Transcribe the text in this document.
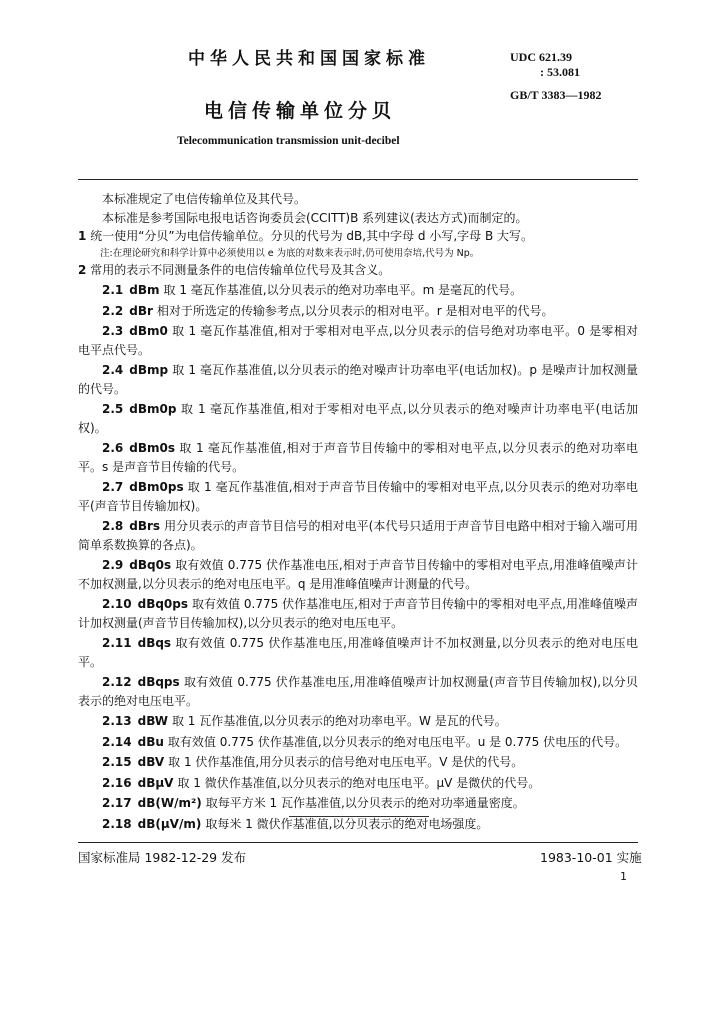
中华人民共和国国家标准	UDC 621.39
: 53.081
GB/T 3383—1982
电信传输单位分贝
Telecommunication transmission unit-decibel

本标准规定了电信传输单位及其代号。

本标准是参考国际电报电话咨询委员会(CCITT)B 系列建议(表达方式)而制定的。

1 统一使用“分贝”为电信传输单位。分贝的代号为 dB,其中字母 d 小写,字母 B 大写。

注:在理论研究和科学计算中必须使用以 e 为底的对数来表示时,仍可使用奈培,代号为 Np。

2 常用的表示不同测量条件的电信传输单位代号及其含义。

2.1 dBm 取 1 毫瓦作基准值,以分贝表示的绝对功率电平。m 是毫瓦的代号。

2.2 dBr 相对于所选定的传输参考点,以分贝表示的相对电平。r 是相对电平的代号。

2.3 dBm0 取 1 毫瓦作基准值,相对于零相对电平点,以分贝表示的信号绝对功率电平。0 是零相对电平点代号。

2.4 dBmp 取 1 毫瓦作基准值,以分贝表示的绝对噪声计功率电平(电话加权)。p 是噪声计加权测量的代号。

2.5 dBm0p 取 1 毫瓦作基准值,相对于零相对电平点,以分贝表示的绝对噪声计功率电平(电话加权)。

2.6 dBm0s 取 1 毫瓦作基准值,相对于声音节目传输中的零相对电平点,以分贝表示的绝对功率电平。s 是声音节目传输的代号。

2.7 dBm0ps 取 1 毫瓦作基准值,相对于声音节目传输中的零相对电平点,以分贝表示的绝对功率电平(声音节目传输加权)。

2.8 dBrs 用分贝表示的声音节目信号的相对电平(本代号只适用于声音节目电路中相对于输入端可用简单系数换算的各点)。

2.9 dBq0s 取有效值 0.775 伏作基准电压,相对于声音节目传输中的零相对电平点,用准峰值噪声计不加权测量,以分贝表示的绝对电压电平。q 是用准峰值噪声计测量的代号。

2.10 dBq0ps 取有效值 0.775 伏作基准电压,相对于声音节目传输中的零相对电平点,用准峰值噪声计加权测量(声音节目传输加权),以分贝表示的绝对电压电平。

2.11 dBqs 取有效值 0.775 伏作基准电压,用准峰值噪声计不加权测量,以分贝表示的绝对电压电平。

2.12 dBqps 取有效值 0.775 伏作基准电压,用准峰值噪声计加权测量(声音节目传输加权),以分贝表示的绝对电压电平。

2.13 dBW 取 1 瓦作基准值,以分贝表示的绝对功率电平。W 是瓦的代号。

2.14 dBu 取有效值 0.775 伏作基准值,以分贝表示的绝对电压电平。u 是 0.775 伏电压的代号。

2.15 dBV 取 1 伏作基准值,用分贝表示的信号绝对电压电平。V 是伏的代号。

2.16 dBμV 取 1 微伏作基准值,以分贝表示的绝对电压电平。μV 是微伏的代号。

2.17 dB(W/m²) 取每平方米 1 瓦作基准值,以分贝表示的绝对功率通量密度。

2.18 dB(μV/m) 取每米 1 微伏作基准值,以分贝表示的绝对电场强度。

国家标准局 1982-12-29 发布	1983-10-01 实施
1
